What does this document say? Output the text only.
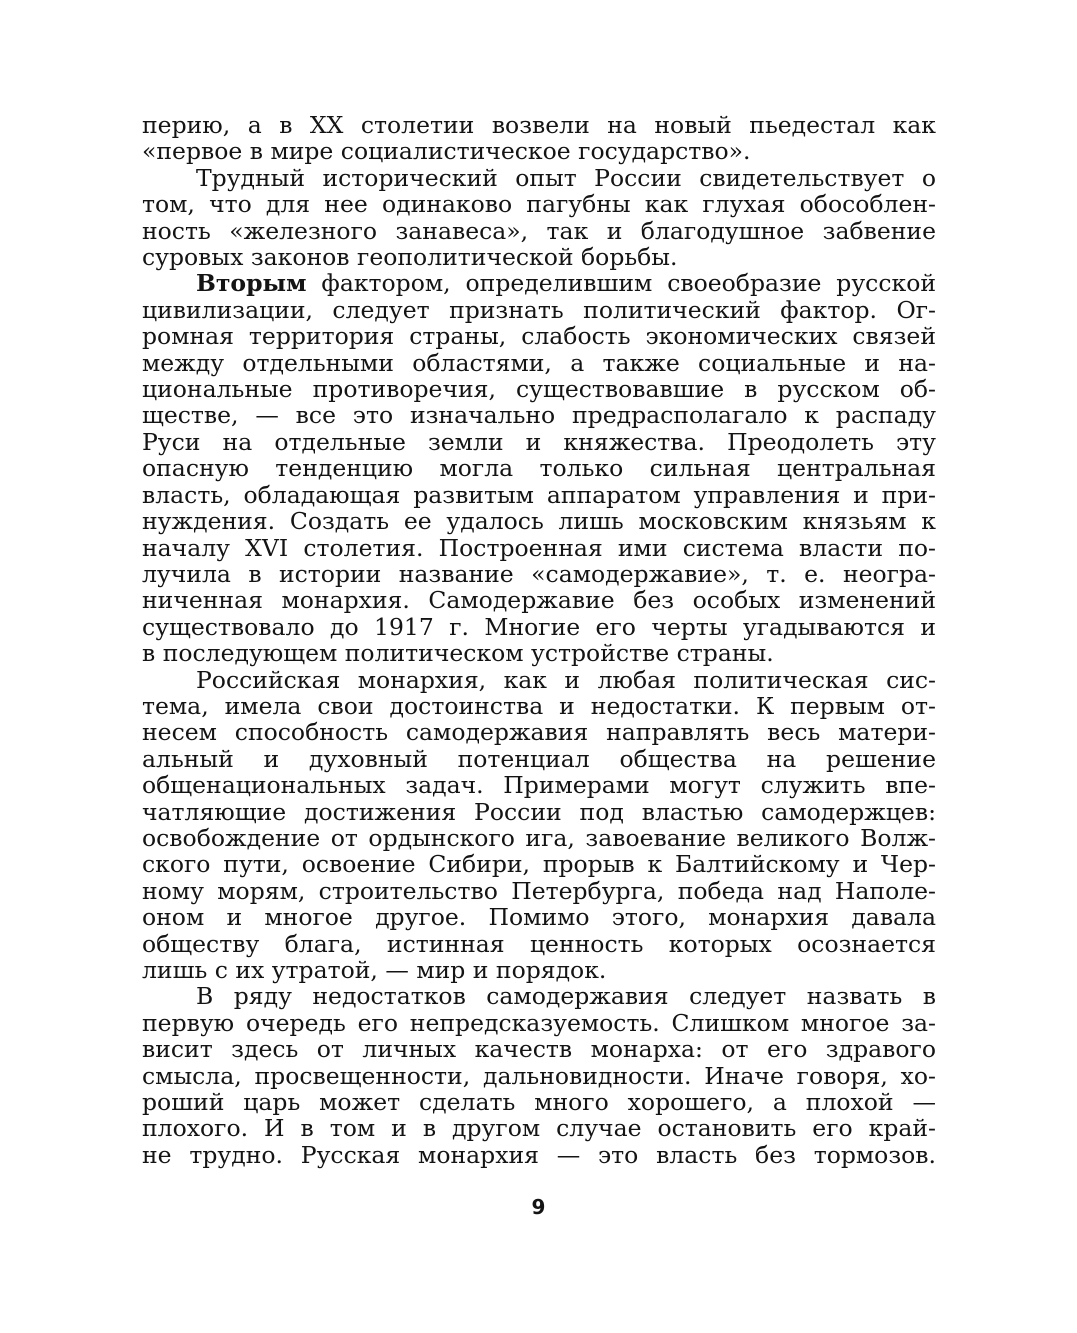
перию, а в XX столетии возвели на новый пьедестал как
«первое в мире социалистическое государство».

Трудный исторический опыт России свидетельствует о
том, что для нее одинаково пагубны как глухая обособлен-
ность «железного занавеса», так и благодушное забвение
суровых законов геополитической борьбы.

Вторым фактором, определившим своеобразие русской
цивилизации, следует признать политический фактор. Ог-
ромная территория страны, слабость экономических связей
между отдельными областями, а также социальные и на-
циональные противоречия, существовавшие в русском об-
ществе, — все это изначально предрасполагало к распаду
Руси на отдельные земли и княжества. Преодолеть эту
опасную тенденцию могла только сильная центральная
власть, обладающая развитым аппаратом управления и при-
нуждения. Создать ее удалось лишь московским князьям к
началу XVI столетия. Построенная ими система власти по-
лучила в истории название «самодержавие», т. е. неогра-
ниченная монархия. Самодержавие без особых изменений
существовало до 1917 г. Многие его черты угадываются и
в последующем политическом устройстве страны.

Российская монархия, как и любая политическая сис-
тема, имела свои достоинства и недостатки. К первым от-
несем способность самодержавия направлять весь матери-
альный и духовный потенциал общества на решение
общенациональных задач. Примерами могут служить впе-
чатляющие достижения России под властью самодержцев:
освобождение от ордынского ига, завоевание великого Волж-
ского пути, освоение Сибири, прорыв к Балтийскому и Чер-
ному морям, строительство Петербурга, победа над Наполе-
оном и многое другое. Помимо этого, монархия давала
обществу блага, истинная ценность которых осознается
лишь с их утратой, — мир и порядок.

В ряду недостатков самодержавия следует назвать в
первую очередь его непредсказуемость. Слишком многое за-
висит здесь от личных качеств монарха: от его здравого
смысла, просвещенности, дальновидности. Иначе говоря, хо-
роший царь может сделать много хорошего, а плохой —
плохого. И в том и в другом случае остановить его край-
не трудно. Русская монархия — это власть без тормозов.

9
